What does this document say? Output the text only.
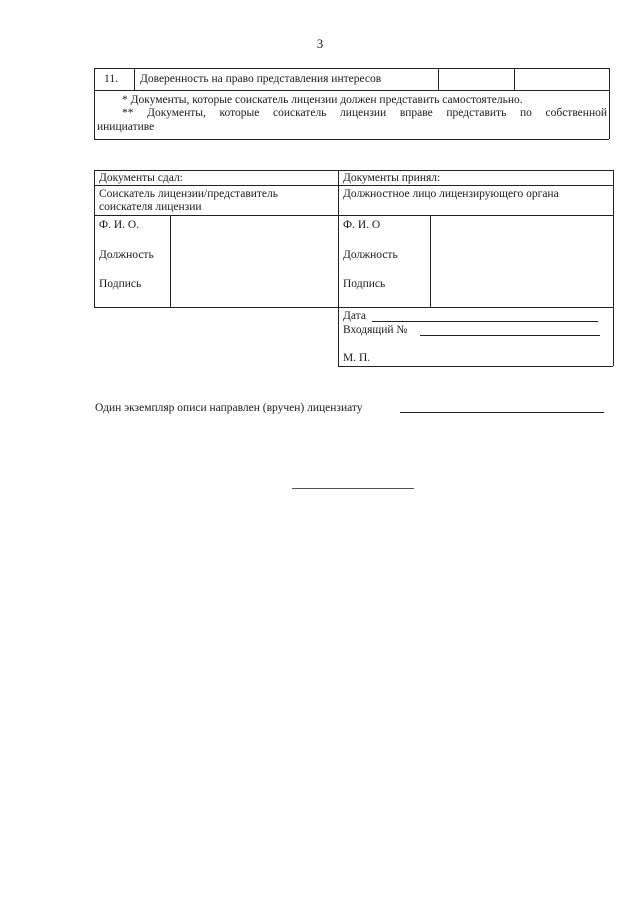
3
11. Доверенность на право представления интересов
* Документы, которые соискатель лицензии должен представить самостоятельно.
** Документы, которые соискатель лицензии вправе представить по собственной
инициативе
Документы сдал:
Соискатель лицензии/представитель
соискателя лицензии
Ф. И. О.
Должность
Подпись
Документы принял:
Должностное лицо лицензирующего органа
Ф. И. О
Должность
Подпись
Дата
Входящий №
М. П.
Один экземпляр описи направлен (вручен) лицензиату
